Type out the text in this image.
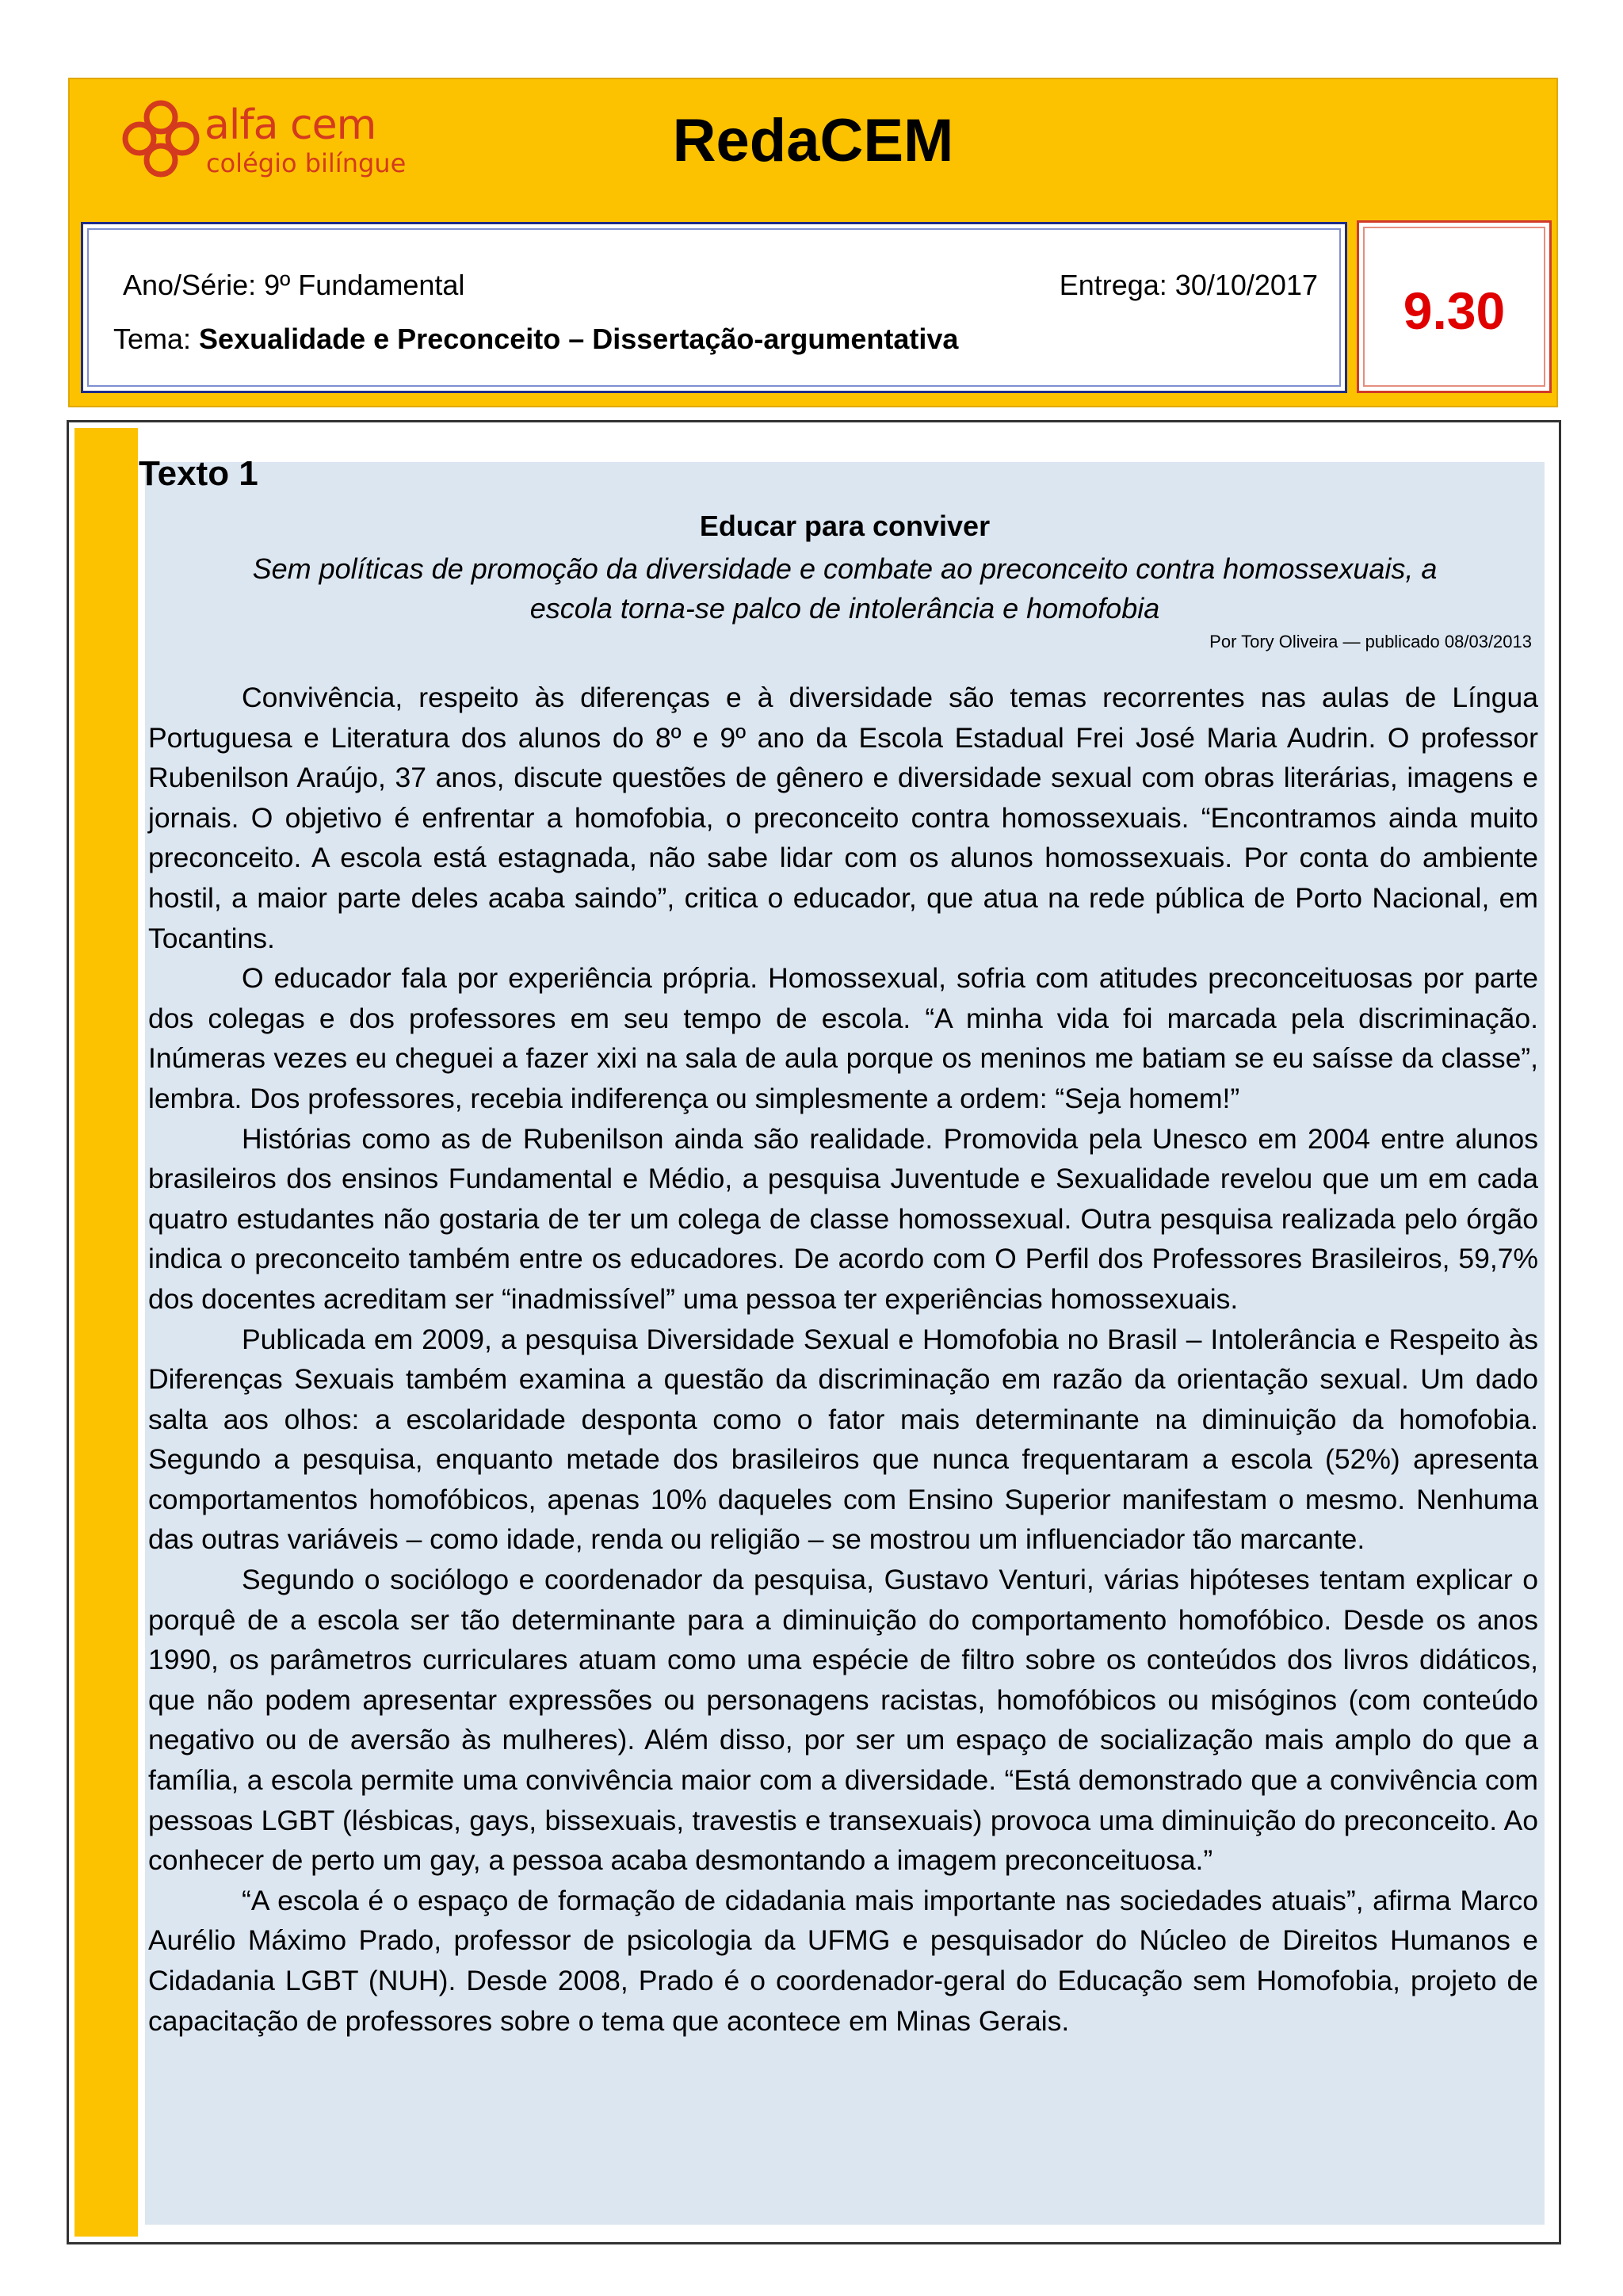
alfa cem
colégio bilíngue	RedaCEM
Ano/Série: 9º Fundamental	Entrega: 30/10/2017
Tema: Sexualidade e Preconceito – Dissertação-argumentativa	9.30
Texto 1
Educar para conviver
Sem políticas de promoção da diversidade e combate ao preconceito contra homossexuais, a escola torna-se palco de intolerância e homofobia
Por Tory Oliveira — publicado 08/03/2013

Convivência, respeito às diferenças e à diversidade são temas recorrentes nas aulas de Língua Portuguesa e Literatura dos alunos do 8º e 9º ano da Escola Estadual Frei José Maria Audrin. O professor Rubenilson Araújo, 37 anos, discute questões de gênero e diversidade sexual com obras literárias, imagens e jornais. O objetivo é enfrentar a homofobia, o preconceito contra homossexuais. “Encontramos ainda muito preconceito. A escola está estagnada, não sabe lidar com os alunos homossexuais. Por conta do ambiente hostil, a maior parte deles acaba saindo”, critica o educador, que atua na rede pública de Porto Nacional, em Tocantins.

O educador fala por experiência própria. Homossexual, sofria com atitudes preconceituosas por parte dos colegas e dos professores em seu tempo de escola. “A minha vida foi marcada pela discriminação. Inúmeras vezes eu cheguei a fazer xixi na sala de aula porque os meninos me batiam se eu saísse da classe”, lembra. Dos professores, recebia indiferença ou simplesmente a ordem: “Seja homem!”

Histórias como as de Rubenilson ainda são realidade. Promovida pela Unesco em 2004 entre alunos brasileiros dos ensinos Fundamental e Médio, a pesquisa Juventude e Sexualidade revelou que um em cada quatro estudantes não gostaria de ter um colega de classe homossexual. Outra pesquisa realizada pelo órgão indica o preconceito também entre os educadores. De acordo com O Perfil dos Professores Brasileiros, 59,7% dos docentes acreditam ser “inadmissível” uma pessoa ter experiências homossexuais.

Publicada em 2009, a pesquisa Diversidade Sexual e Homofobia no Brasil – Intolerância e Respeito às Diferenças Sexuais também examina a questão da discriminação em razão da orientação sexual. Um dado salta aos olhos: a escolaridade desponta como o fator mais determinante na diminuição da homofobia. Segundo a pesquisa, enquanto metade dos brasileiros que nunca frequentaram a escola (52%) apresenta comportamentos homofóbicos, apenas 10% daqueles com Ensino Superior manifestam o mesmo. Nenhuma das outras variáveis – como idade, renda ou religião – se mostrou um influenciador tão marcante.

Segundo o sociólogo e coordenador da pesquisa, Gustavo Venturi, várias hipóteses tentam explicar o porquê de a escola ser tão determinante para a diminuição do comportamento homofóbico. Desde os anos 1990, os parâmetros curriculares atuam como uma espécie de filtro sobre os conteúdos dos livros didáticos, que não podem apresentar expressões ou personagens racistas, homofóbicos ou misóginos (com conteúdo negativo ou de aversão às mulheres). Além disso, por ser um espaço de socialização mais amplo do que a família, a escola permite uma convivência maior com a diversidade. “Está demonstrado que a convivência com pessoas LGBT (lésbicas, gays, bissexuais, travestis e transexuais) provoca uma diminuição do preconceito. Ao conhecer de perto um gay, a pessoa acaba desmontando a imagem preconceituosa.”

“A escola é o espaço de formação de cidadania mais importante nas sociedades atuais”, afirma Marco Aurélio Máximo Prado, professor de psicologia da UFMG e pesquisador do Núcleo de Direitos Humanos e Cidadania LGBT (NUH). Desde 2008, Prado é o coordenador-geral do Educação sem Homofobia, projeto de capacitação de professores sobre o tema que acontece em Minas Gerais.
